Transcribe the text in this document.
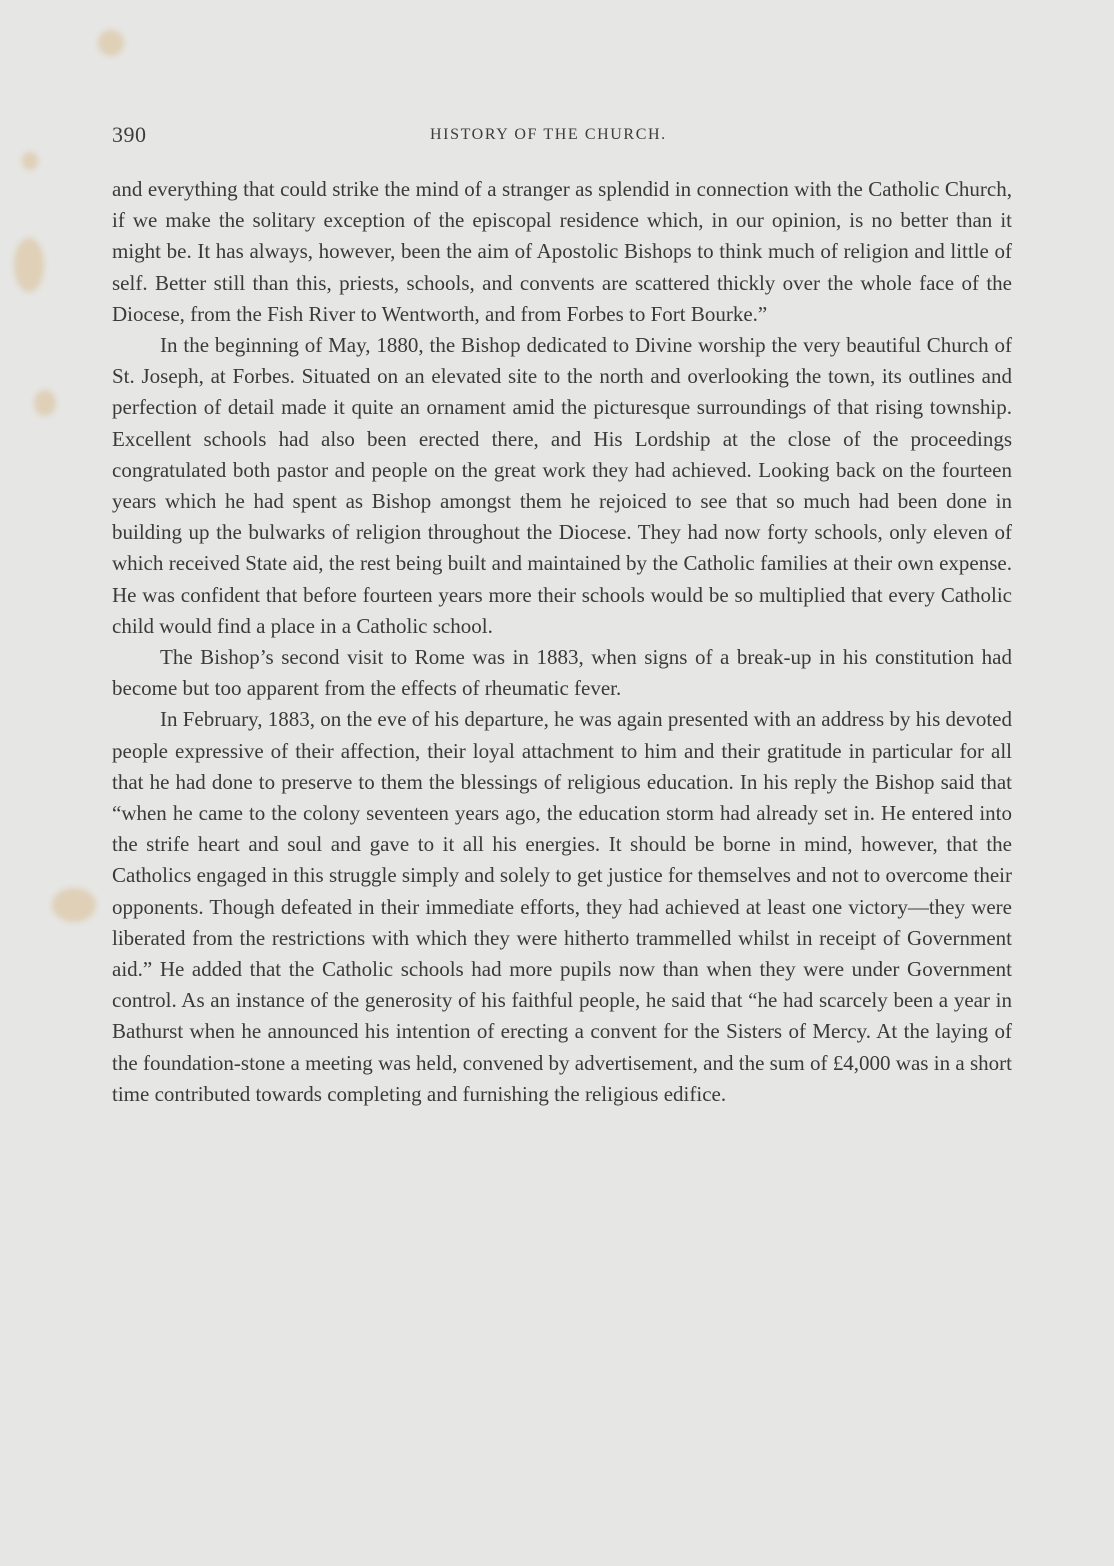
390	HISTORY OF THE CHURCH.

and everything that could strike the mind of a stranger as splendid in connection with the Catholic Church, if we make the solitary exception of the episcopal residence which, in our opinion, is no better than it might be. It has always, however, been the aim of Apostolic Bishops to think much of religion and little of self. Better still than this, priests, schools, and convents are scattered thickly over the whole face of the Diocese, from the Fish River to Wentworth, and from Forbes to Fort Bourke.”

In the beginning of May, 1880, the Bishop dedicated to Divine worship the very beautiful Church of St. Joseph, at Forbes. Situated on an elevated site to the north and overlooking the town, its outlines and perfection of detail made it quite an ornament amid the picturesque surroundings of that rising township. Excellent schools had also been erected there, and His Lordship at the close of the proceedings congratulated both pastor and people on the great work they had achieved. Looking back on the fourteen years which he had spent as Bishop amongst them he rejoiced to see that so much had been done in building up the bulwarks of religion throughout the Diocese. They had now forty schools, only eleven of which received State aid, the rest being built and maintained by the Catholic families at their own expense. He was confident that before fourteen years more their schools would be so multiplied that every Catholic child would find a place in a Catholic school.

The Bishop’s second visit to Rome was in 1883, when signs of a break-up in his constitution had become but too apparent from the effects of rheumatic fever.

In February, 1883, on the eve of his departure, he was again presented with an address by his devoted people expressive of their affection, their loyal attachment to him and their gratitude in particular for all that he had done to preserve to them the blessings of religious education. In his reply the Bishop said that “when he came to the colony seventeen years ago, the education storm had already set in. He entered into the strife heart and soul and gave to it all his energies. It should be borne in mind, however, that the Catholics engaged in this struggle simply and solely to get justice for themselves and not to overcome their opponents. Though defeated in their immediate efforts, they had achieved at least one victory—they were liberated from the restrictions with which they were hitherto trammelled whilst in receipt of Government aid.” He added that the Catholic schools had more pupils now than when they were under Government control. As an instance of the generosity of his faithful people, he said that “he had scarcely been a year in Bathurst when he announced his intention of erecting a convent for the Sisters of Mercy. At the laying of the foundation-stone a meeting was held, convened by advertisement, and the sum of £4,000 was in a short time contributed towards completing and furnishing the religious edifice.
